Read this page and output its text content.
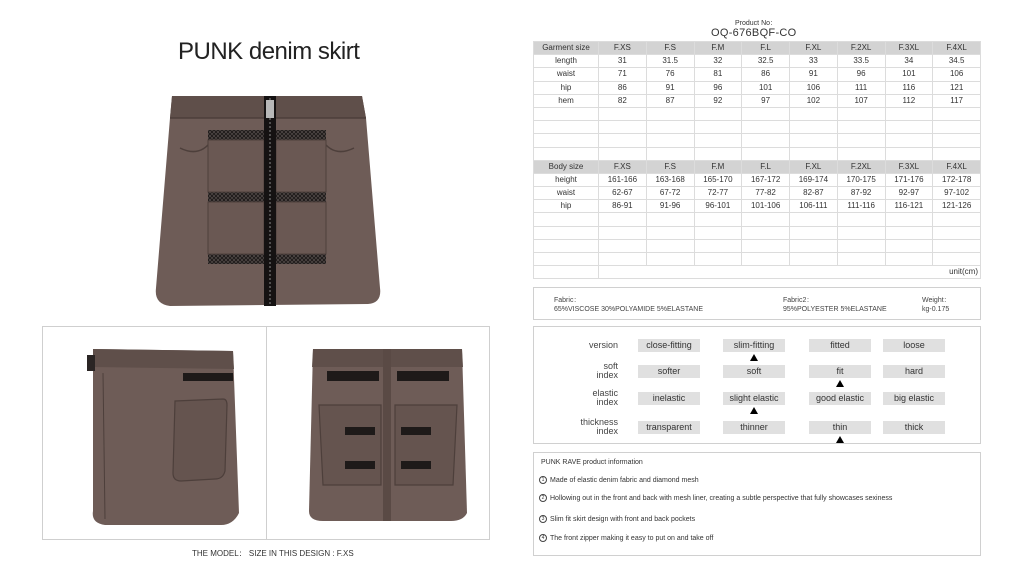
PUNK denim skirt
THE MODEL： SIZE IN THIS DESIGN : F.XS
Product No：
OQ-676BQF-CO
Garment size	F.XS	F.S	F.M	F.L	F.XL	F.2XL	F.3XL	F.4XL
length	31	31.5	32	32.5	33	33.5	34	34.5
waist	71	76	81	86	91	96	101	106
hip	86	91	96	101	106	111	116	121
hem	82	87	92	97	102	107	112	117

Body size	F.XS	F.S	F.M	F.L	F.XL	F.2XL	F.3XL	F.4XL
height	161-166	163-168	165-170	167-172	169-174	170-175	171-176	172-178
waist	62-67	67-72	72-77	77-82	82-87	87-92	92-97	97-102
hip	86-91	91-96	96-101	101-106	106-111	111-116	116-121	121-126

	unit(cm)							
Fabric：
65%VISCOSE 30%POLYAMIDE 5%ELASTANE
Fabric2：
95%POLYESTER 5%ELASTANE
Weight：
kg-0.175
version	close-fitting	slim-fitting	fitted	loose
soft
index	softer	soft	fit	hard
elastic
index	inelastic	slight elastic	good elastic	big elastic
thickness
index	transparent	thinner	thin	thick
PUNK RAVE product information
1 Made of elastic denim fabric and diamond mesh
2 Hollowing out in the front and back with mesh liner, creating a subtle perspective that fully showcases sexiness
3 Slim fit skirt design with front and back pockets
4 The front zipper making it easy to put on and take off
